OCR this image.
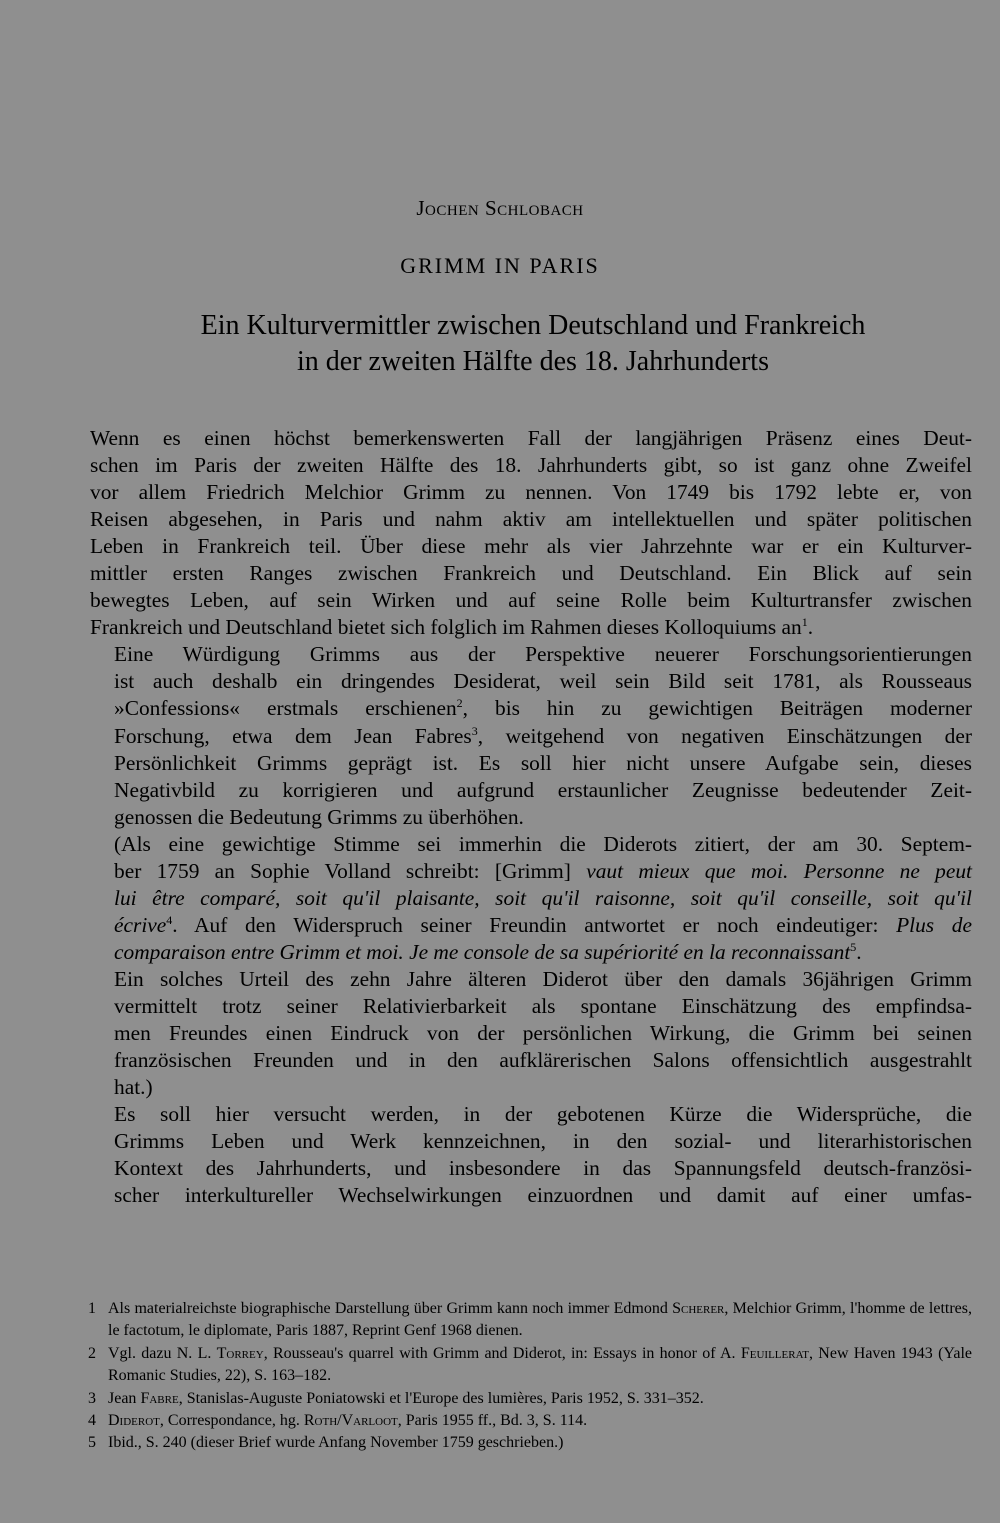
Jochen Schlobach
GRIMM IN PARIS
Ein Kulturvermittler zwischen Deutschland und Frankreich
in der zweiten Hälfte des 18. Jahrhunderts

Wenn es einen höchst bemerkenswerten Fall der langjährigen Präsenz eines Deut-
schen im Paris der zweiten Hälfte des 18. Jahrhunderts gibt, so ist ganz ohne Zweifel
vor allem Friedrich Melchior Grimm zu nennen. Von 1749 bis 1792 lebte er, von
Reisen abgesehen, in Paris und nahm aktiv am intellektuellen und später politischen
Leben in Frankreich teil. Über diese mehr als vier Jahrzehnte war er ein Kulturver-
mittler ersten Ranges zwischen Frankreich und Deutschland. Ein Blick auf sein
bewegtes Leben, auf sein Wirken und auf seine Rolle beim Kulturtransfer zwischen
Frankreich und Deutschland bietet sich folglich im Rahmen dieses Kolloquiums $an^1$.

Eine Würdigung Grimms aus der Perspektive neuerer Forschungsorientierungen
ist auch deshalb ein dringendes Desiderat, weil sein Bild seit 1781, als Rousseaus
»Confessions« erstmals erschienen$^2$, bis hin zu gewichtigen Beiträgen moderner
Forschung, etwa dem Jean Fabres$^3$, weitgehend von negativen Einschätzungen der
Persönlichkeit Grimms geprägt ist. Es soll hier nicht unsere Aufgabe sein, dieses
Negativbild zu korrigieren und aufgrund erstaunlicher Zeugnisse bedeutender Zeit-
genossen die Bedeutung Grimms zu überhöhen.

(Als eine gewichtige Stimme sei immerhin die Diderots zitiert, der am 30. Septem-
ber 1759 an Sophie Volland schreibt: [Grimm] vaut mieux que moi. Personne ne peut
lui être comparé, soit qu'il plaisante, soit qu'il raisonne, soit qu'il conseille, soit qu'il
écrive$^4$. Auf den Widerspruch seiner Freundin antwortet er noch eindeutiger: Plus de
comparaison entre Grimm et moi. Je me console de sa supériorité en la reconnaissant$^5$.
Ein solches Urteil des zehn Jahre älteren Diderot über den damals 36jährigen Grimm
vermittelt trotz seiner Relativierbarkeit als spontane Einschätzung des empfindsa-
men Freundes einen Eindruck von der persönlichen Wirkung, die Grimm bei seinen
französischen Freunden und in den aufklärerischen Salons offensichtlich ausgestrahlt
hat.)

Es soll hier versucht werden, in der gebotenen Kürze die Widersprüche, die
Grimms Leben und Werk kennzeichnen, in den sozial- und literarhistorischen
Kontext des Jahrhunderts, und insbesondere in das Spannungsfeld deutsch-französi-
scher interkultureller Wechselwirkungen einzuordnen und damit auf einer umfas-

1 Als materialreichste biographische Darstellung über Grimm kann noch immer Edmond Scherer, Melchior Grimm, l'homme de lettres, le factotum, le diplomate, Paris 1887, Reprint Genf 1968 dienen.
2 Vgl. dazu N. L. Torrey, Rousseau's quarrel with Grimm and Diderot, in: Essays in honor of A. Feuillerat, New Haven 1943 (Yale Romanic Studies, 22), S. 163–182.
3 Jean Fabre, Stanislas-Auguste Poniatowski et l'Europe des lumières, Paris 1952, S. 331–352.
4 Diderot, Correspondance, hg. Roth/Varloot, Paris 1955 ff., Bd. 3, S. 114.
5 Ibid., S. 240 (dieser Brief wurde Anfang November 1759 geschrieben.)
